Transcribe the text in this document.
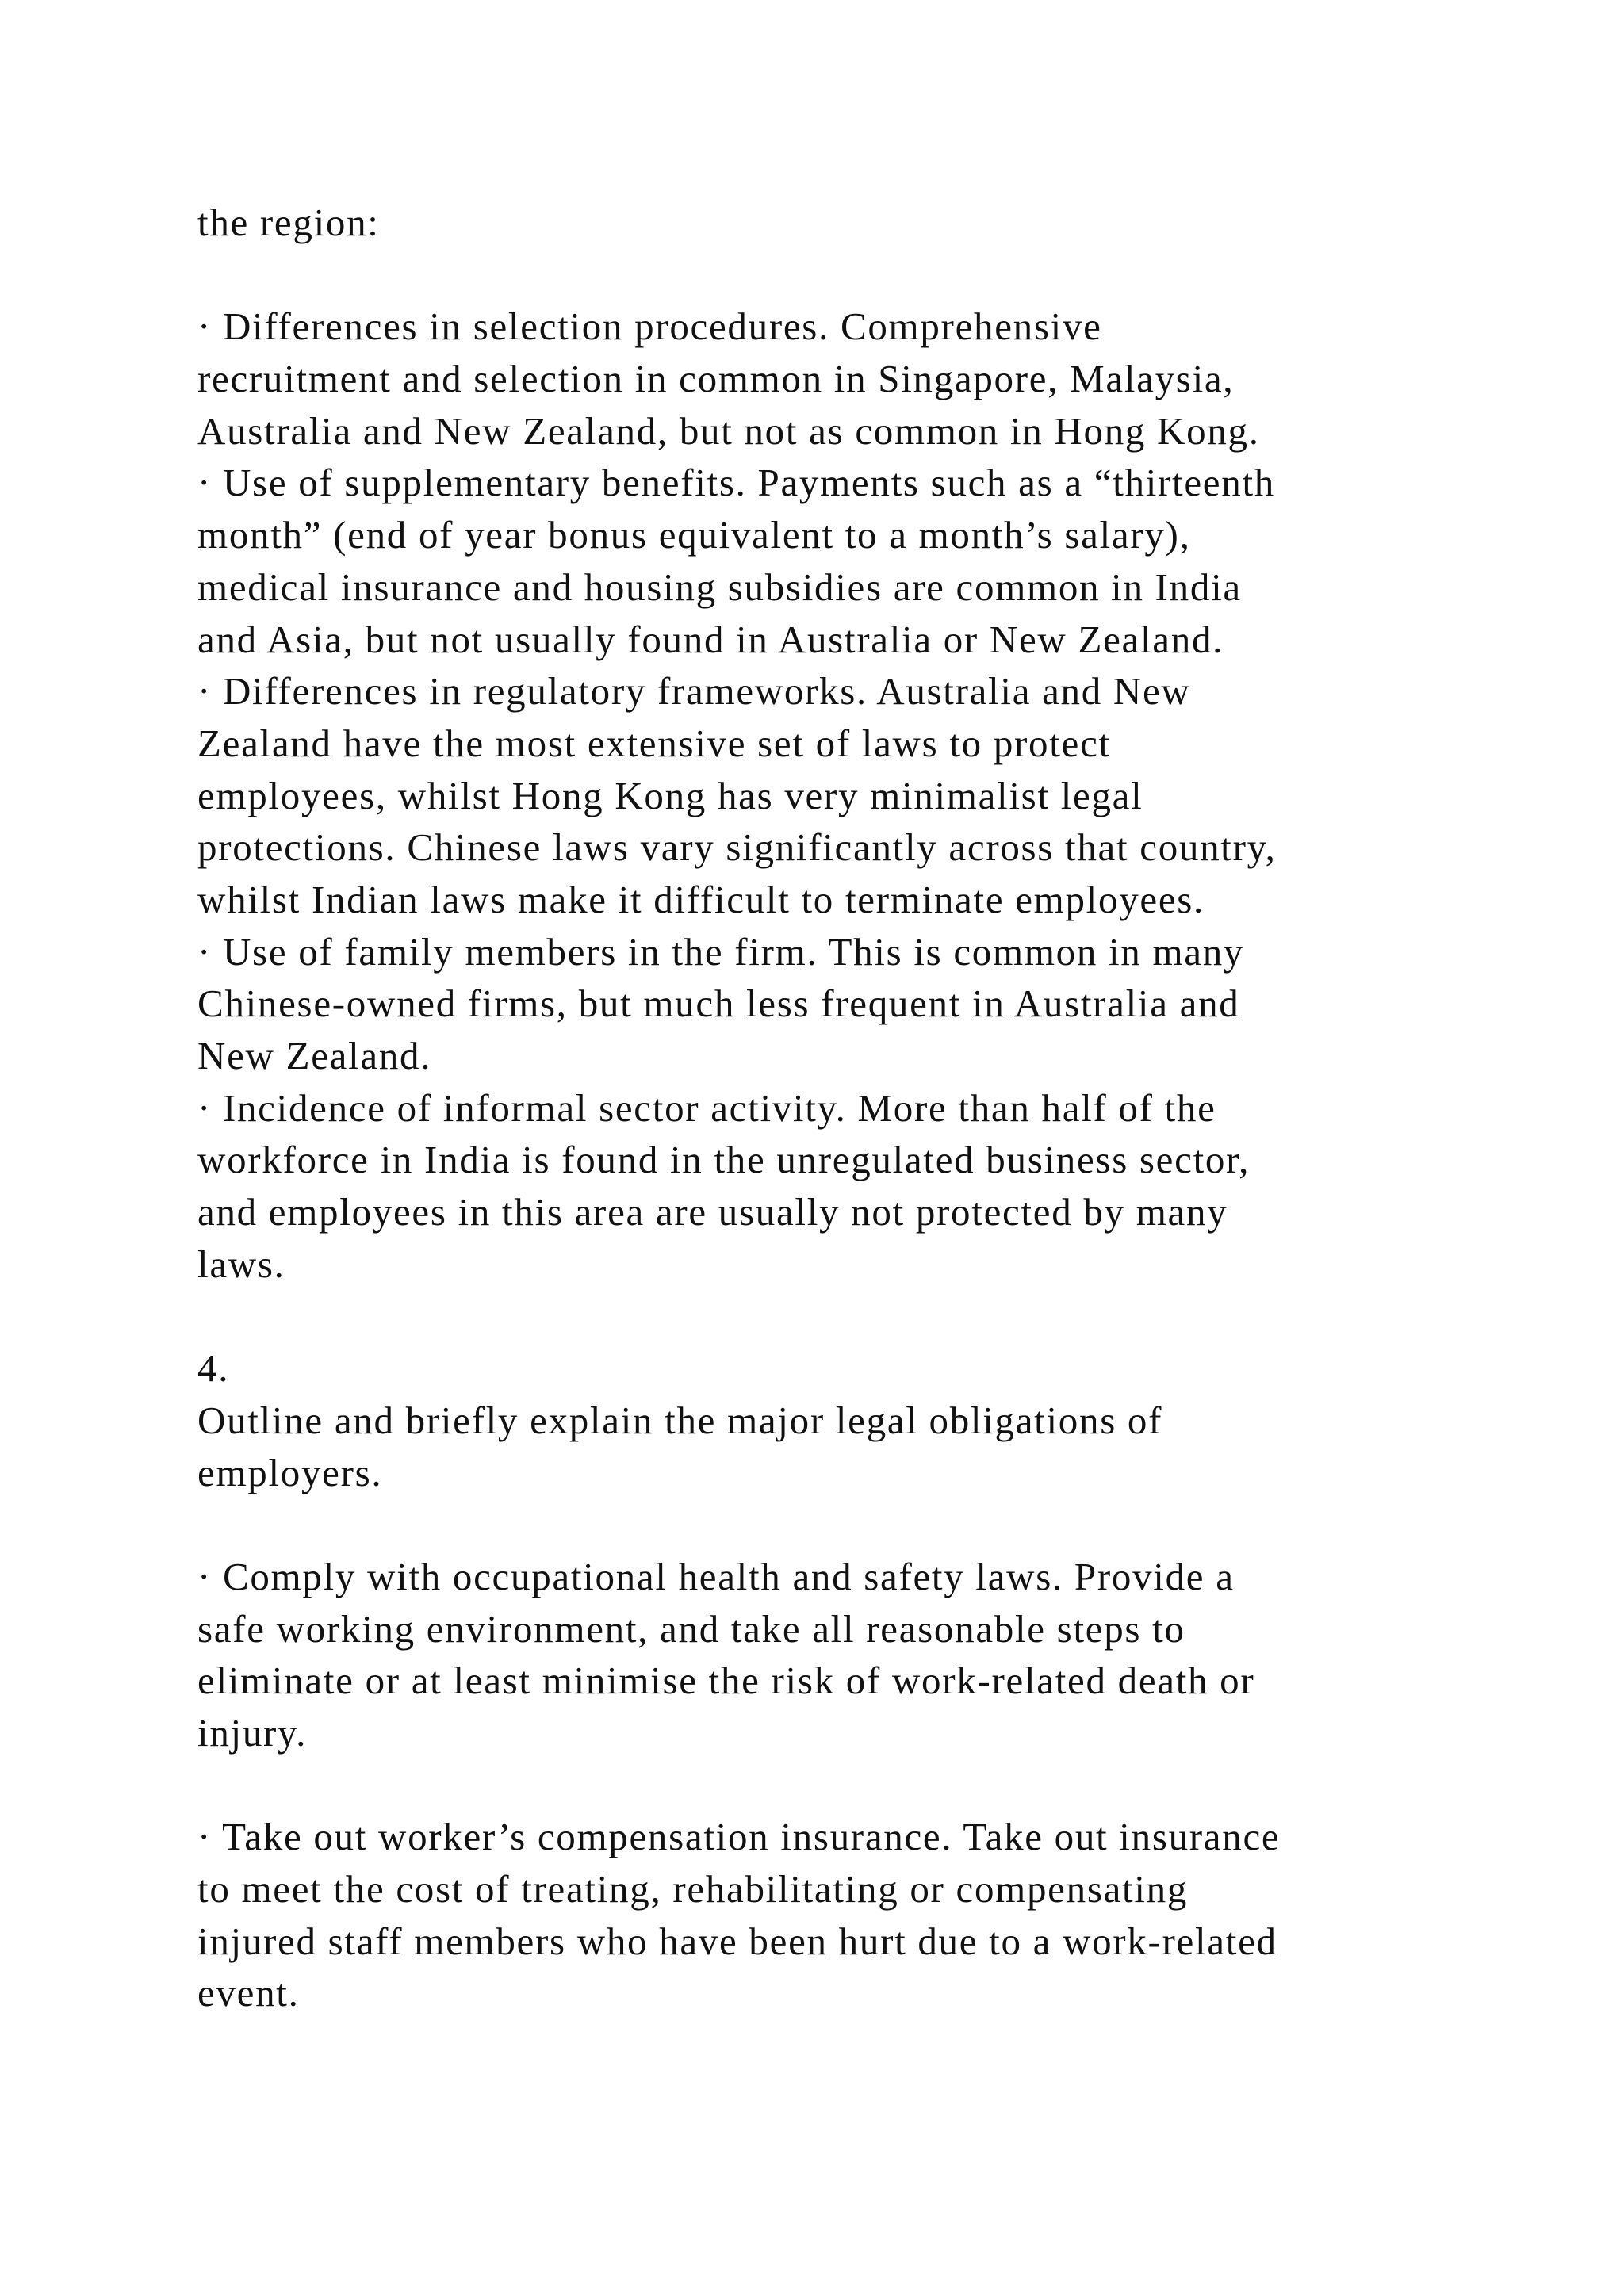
the region:
· Differences in selection procedures. Comprehensive
recruitment and selection in common in Singapore, Malaysia,
Australia and New Zealand, but not as common in Hong Kong.
· Use of supplementary benefits. Payments such as a “thirteenth
month” (end of year bonus equivalent to a month’s salary),
medical insurance and housing subsidies are common in India
and Asia, but not usually found in Australia or New Zealand.
· Differences in regulatory frameworks. Australia and New
Zealand have the most extensive set of laws to protect
employees, whilst Hong Kong has very minimalist legal
protections. Chinese laws vary significantly across that country,
whilst Indian laws make it difficult to terminate employees.
· Use of family members in the firm. This is common in many
Chinese-owned firms, but much less frequent in Australia and
New Zealand.
· Incidence of informal sector activity. More than half of the
workforce in India is found in the unregulated business sector,
and employees in this area are usually not protected by many
laws.
4.
Outline and briefly explain the major legal obligations of
employers.
· Comply with occupational health and safety laws. Provide a
safe working environment, and take all reasonable steps to
eliminate or at least minimise the risk of work-related death or
injury.
· Take out worker’s compensation insurance. Take out insurance
to meet the cost of treating, rehabilitating or compensating
injured staff members who have been hurt due to a work-related
event.
